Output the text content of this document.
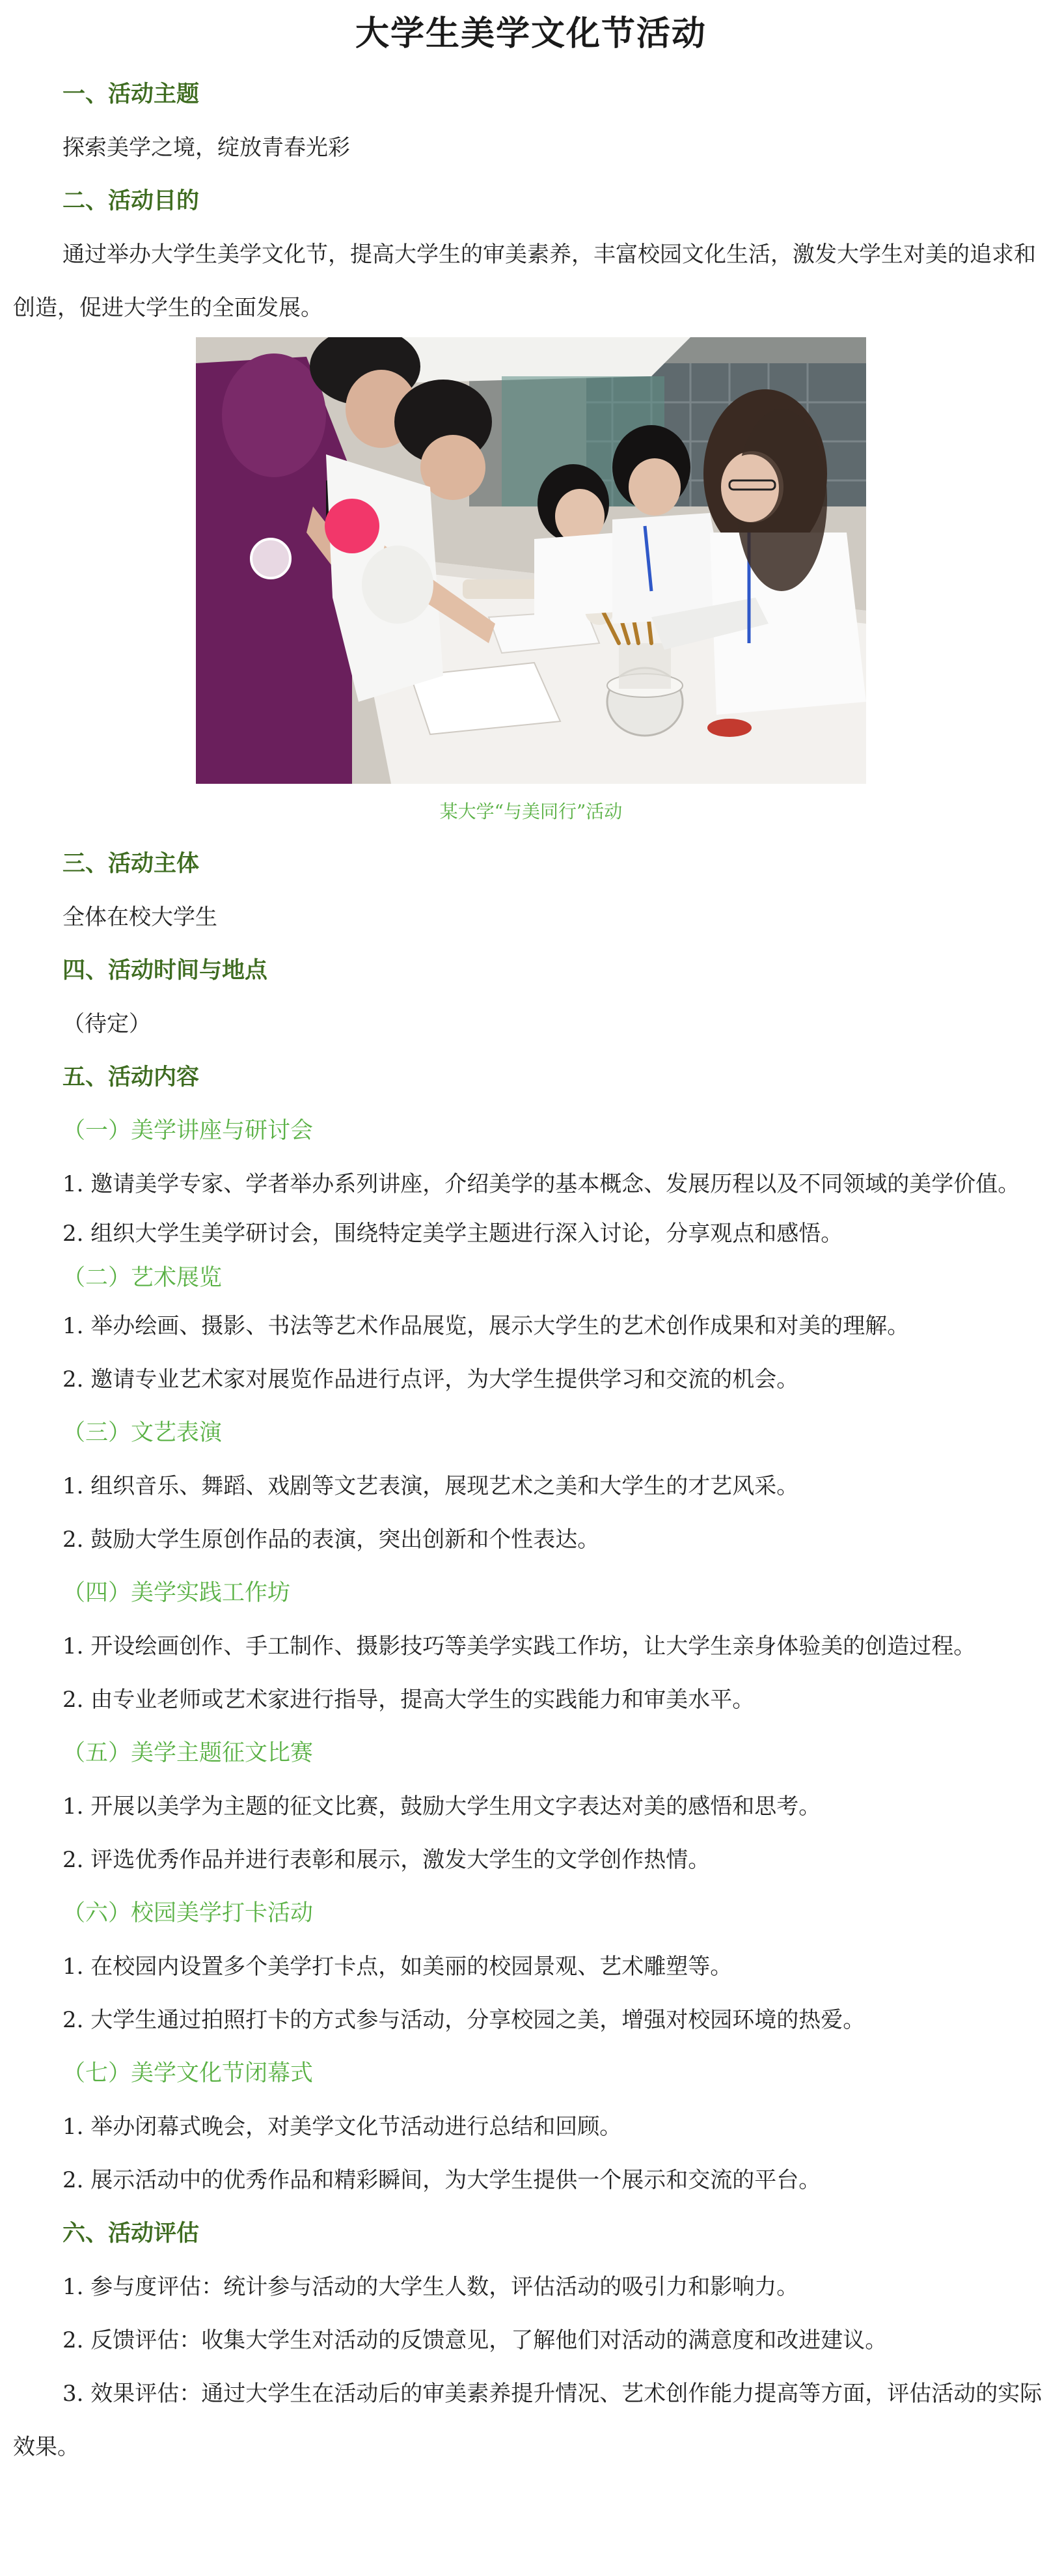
大学生美学文化节活动
一、活动主题

探索美学之境，绽放青春光彩

二、活动目的

通过举办大学生美学文化节，提高大学生的审美素养，丰富校园文化生活，激发大学生对美的追求和创造，促进大学生的全面发展。

某大学“与美同行”活动

三、活动主体

全体在校大学生

四、活动时间与地点

（待定）

五、活动内容
（一）美学讲座与研讨会

1. 邀请美学专家、学者举办系列讲座，介绍美学的基本概念、发展历程以及不同领域的美学价值。

2. 组织大学生美学研讨会，围绕特定美学主题进行深入讨论，分享观点和感悟。

（二）艺术展览

1. 举办绘画、摄影、书法等艺术作品展览，展示大学生的艺术创作成果和对美的理解。

2. 邀请专业艺术家对展览作品进行点评，为大学生提供学习和交流的机会。

（三）文艺表演

1. 组织音乐、舞蹈、戏剧等文艺表演，展现艺术之美和大学生的才艺风采。

2. 鼓励大学生原创作品的表演，突出创新和个性表达。

（四）美学实践工作坊

1. 开设绘画创作、手工制作、摄影技巧等美学实践工作坊，让大学生亲身体验美的创造过程。

2. 由专业老师或艺术家进行指导，提高大学生的实践能力和审美水平。

（五）美学主题征文比赛

1. 开展以美学为主题的征文比赛，鼓励大学生用文字表达对美的感悟和思考。

2. 评选优秀作品并进行表彰和展示，激发大学生的文学创作热情。

（六）校园美学打卡活动

1. 在校园内设置多个美学打卡点，如美丽的校园景观、艺术雕塑等。

2. 大学生通过拍照打卡的方式参与活动，分享校园之美，增强对校园环境的热爱。

（七）美学文化节闭幕式

1. 举办闭幕式晚会，对美学文化节活动进行总结和回顾。

2. 展示活动中的优秀作品和精彩瞬间，为大学生提供一个展示和交流的平台。

六、活动评估

1. 参与度评估：统计参与活动的大学生人数，评估活动的吸引力和影响力。

2. 反馈评估：收集大学生对活动的反馈意见，了解他们对活动的满意度和改进建议。

3. 效果评估：通过大学生在活动后的审美素养提升情况、艺术创作能力提高等方面，评估活动的实际效果。
